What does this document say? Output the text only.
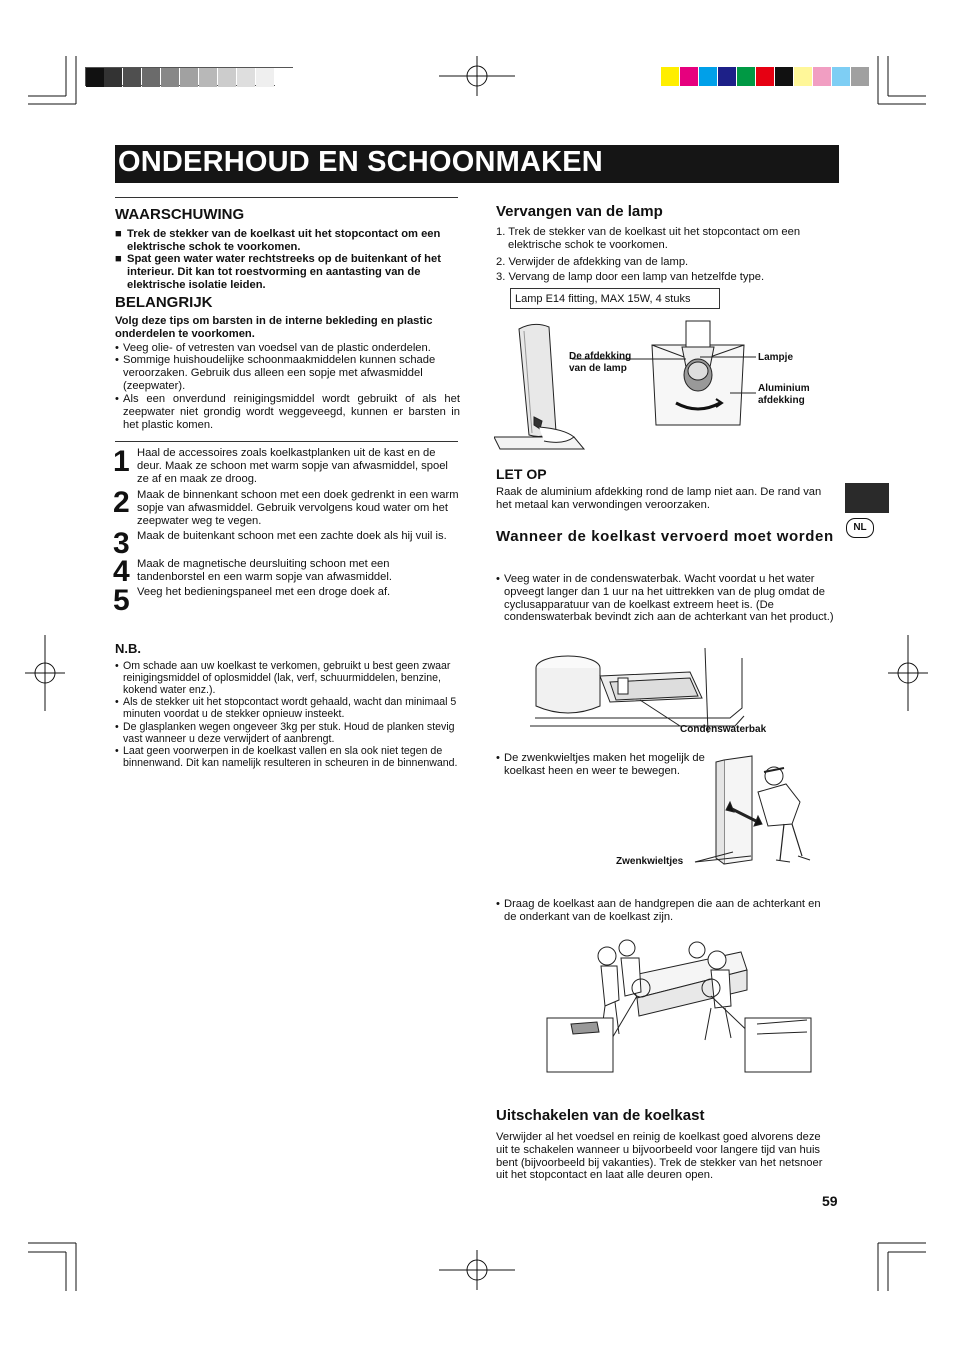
ONDERHOUD EN SCHOONMAKEN
WAARSCHUWING
■ Trek de stekker van de koelkast uit het stopcontact om een elektrische schok te voorkomen.
■ Spat geen water water rechtstreeks op de buitenkant of het interieur. Dit kan tot roestvorming en aantasting van de elektrische isolatie leiden.
BELANGRIJK
Volg deze tips om barsten in de interne bekleding en plastic onderdelen te voorkomen.
• Veeg olie- of vetresten van voedsel van de plastic onderdelen.
• Sommige huishoudelijke schoonmaakmiddelen kunnen schade veroorzaken. Gebruik dus alleen een sopje met afwasmiddel (zeepwater).
• Als een onverdund reinigingsmiddel wordt gebruikt of als het zeepwater niet grondig wordt weggeveegd, kunnen er barsten in het plastic komen.
1 Haal de accessoires zoals koelkastplanken uit de kast en de deur. Maak ze schoon met warm sopje van afwasmiddel, spoel ze af en maak ze droog.
2 Maak de binnenkant schoon met een doek gedrenkt in een warm sopje van afwasmiddel. Gebruik vervolgens koud water om het zeepwater weg te vegen.
3 Maak de buitenkant schoon met een zachte doek als hij vuil is.
4 Maak de magnetische deursluiting schoon met een tandenborstel en een warm sopje van afwasmiddel.
5 Veeg het bedieningspaneel met een droge doek af.
N.B.
• Om schade aan uw koelkast te verkomen, gebruikt u best geen zwaar reinigingsmiddel of oplosmiddel (lak, verf, schuurmiddelen, benzine, kokend water enz.).
• Als de stekker uit het stopcontact wordt gehaald, wacht dan minimaal 5 minuten voordat u de stekker opnieuw insteekt.
• De glasplanken wegen ongeveer 3kg per stuk. Houd de planken stevig vast wanneer u deze verwijdert of aanbrengt.
• Laat geen voorwerpen in de koelkast vallen en sla ook niet tegen de binnenwand. Dit kan namelijk resulteren in scheuren in de binnenwand.
Vervangen van de lamp
1. Trek de stekker van de koelkast uit het stopcontact om een elektrische schok te voorkomen.
2. Verwijder de afdekking van de lamp.
3. Vervang de lamp door een lamp van hetzelfde type.
Lamp E14 fitting, MAX 15W, 4 stuks
De afdekking van de lamp
Lampje
Aluminium afdekking
LET OP
Raak de aluminium afdekking rond de lamp niet aan. De rand van het metaal kan verwondingen veroorzaken.
NL
Wanneer de koelkast vervoerd moet worden
• Veeg water in de condenswaterbak. Wacht voordat u het water opveegt langer dan 1 uur na het uittrekken van de plug omdat de cyclusapparatuur van de koelkast extreem heet is. (De condenswaterbak bevindt zich aan de achterkant van het product.)
Condenswaterbak
• De zwenkwieltjes maken het mogelijk de koelkast heen en weer te bewegen.
Zwenkwieltjes
• Draag de koelkast aan de handgrepen die aan de achterkant en de onderkant van de koelkast zijn.
Uitschakelen van de koelkast
Verwijder al het voedsel en reinig de koelkast goed alvorens deze uit te schakelen wanneer u bijvoorbeeld voor langere tijd van huis bent (bijvoorbeeld bij vakanties). Trek de stekker van het netsnoer uit het stopcontact en laat alle deuren open.
59
